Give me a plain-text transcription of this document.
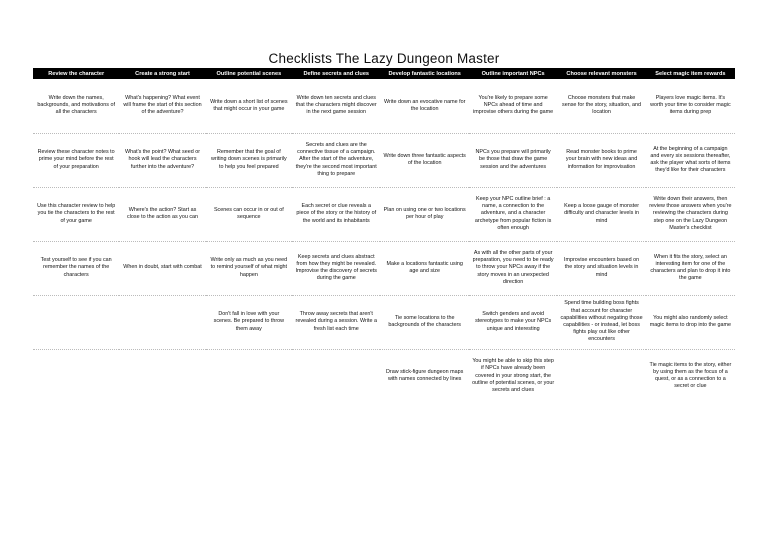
Checklists The Lazy Dungeon Master
Review the character	Create a strong start	Outline potential scenes	Define secrets and clues	Develop fantastic locations	Outline important NPCs	Choose relevant monsters	Select magic item rewards
Write down the names, backgrounds, and motivations of all the characters	What's happening? What event will frame the start of this section of the adventure?	Write down a short list of scenes that might occur in your game	Write down ten secrets and clues that the characters might discover in the next game session	Write down an evocative name for the location	You're likely to prepare some NPCs ahead of time and improvise others during the game	Choose monsters that make sense for the story, situation, and location	Players love magic items. It's worth your time to consider magic items during prep
Review these character notes to prime your mind before the rest of your preparation	What's the point? What seed or hook will lead the characters further into the adventure?	Remember that the goal of writing down scenes is primarily to help you feel prepared	Secrets and clues are the connective tissue of a campaign. After the start of the adventure, they're the second most important thing to prepare	Write down three fantastic aspects of the location	NPCs you prepare will primarily be those that draw the game session and the adventures	Read monster books to prime your brain with new ideas and information for improvisation	At the beginning of a campaign and every six sessions thereafter, ask the player what sorts of items they'd like for their characters
Use this character review to help you tie the characters to the rest of your game	Where's the action? Start as close to the action as you can	Scenes can occur in or out of sequence	Each secret or clue reveals a piece of the story or the history of the world and its inhabitants	Plan on using one or two locations per hour of play	Keep your NPC outline brief : a name, a connection to the adventure, and a character archetype from popular fiction is often enough	Keep a loose gauge of monster difficulty and character levels in mind	Write down their answers, then review those answers when you're reviewing the characters during step one on the Lazy Dungeon Master's checklist
Test yourself to see if you can remember the names of the characters	When in doubt, start with combat	Write only as much as you need to remind yourself of what might happen	Keep secrets and clues abstract from how they might be revealed. Improvise the discovery of secrets during the game	Make a locations fantastic using age and size	As with all the other parts of your preparation, you need to be ready to throw your NPCs away if the story moves in an unexpected direction	Improvise encounters based on the story and situation levels in mind	When it fits the story, select an interesting item for one of the characters and plan to drop it into the game
		Don't fall in love with your scenes. Be prepared to throw them away	Throw away secrets that aren't revealed during a session. Write a fresh list each time	Tie some locations to the backgrounds of the characters	Switch genders and avoid stereotypes to make your NPCs unique and interesting	Spend time building boss fights that account for character capabilities without negating those capabilities - or instead, let boss fights play out like other encounters	You might also randomly select magic items to drop into the game
				Draw stick-figure dungeon maps with names connected by lines	You might be able to skip this step if NPCs have already been covered in your strong start, the outline of potential scenes, or your secrets and clues		Tie magic items to the story, either by using them as the focus of a quest, or as a connection to a secret or clue
